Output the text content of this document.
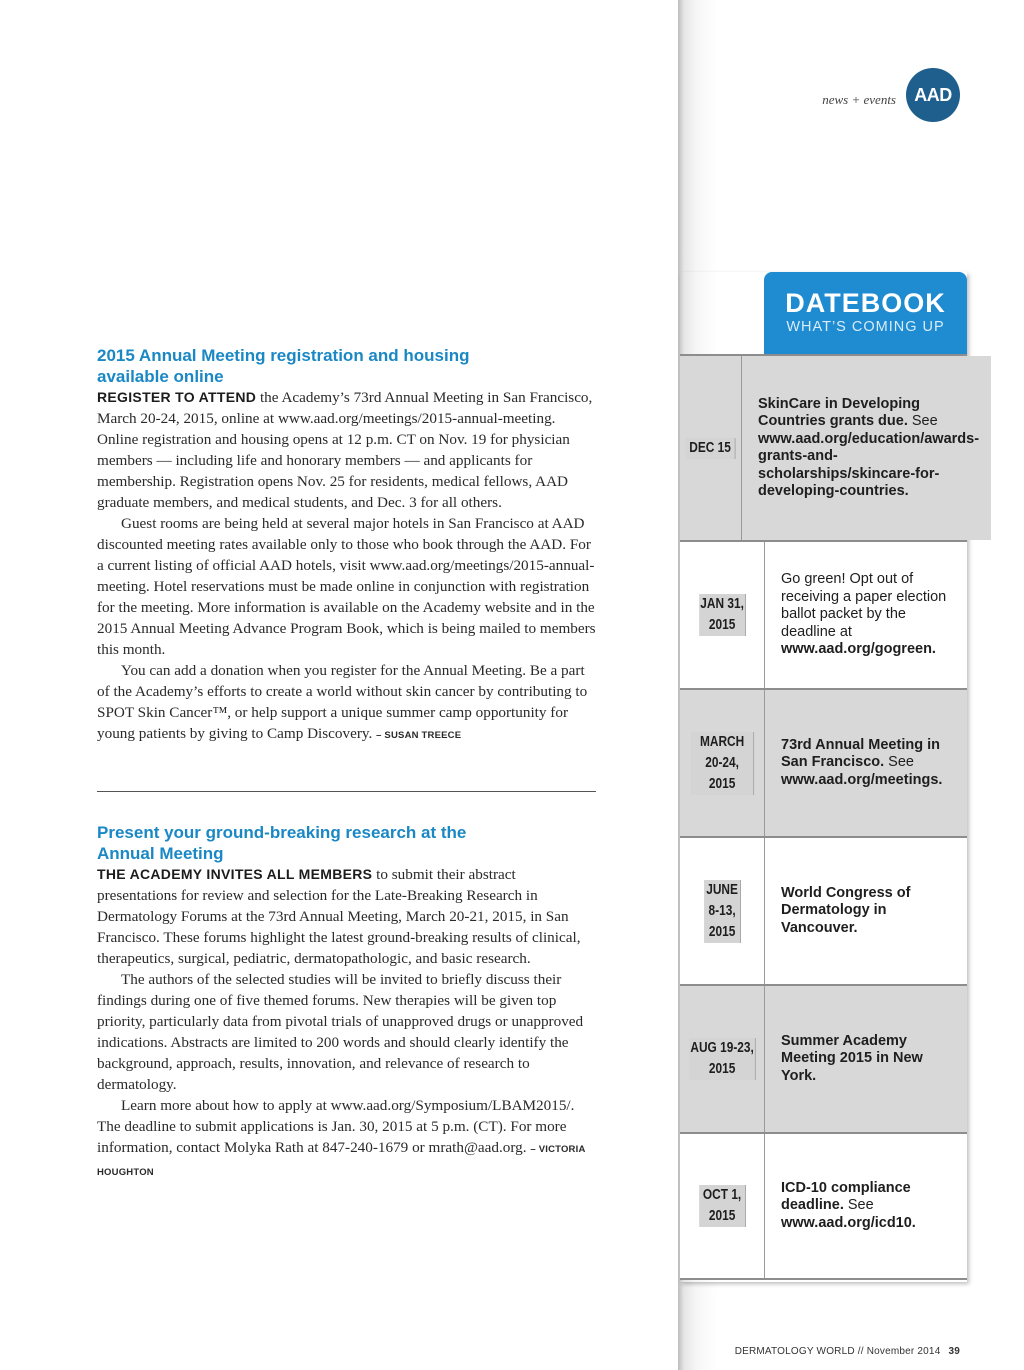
news + events	AAD
2015 Annual Meeting registration and housing available online

REGISTER TO ATTEND the Academy’s 73rd Annual Meeting in San Francisco, March 20-24, 2015, online at www.aad.org/meetings/2015-annual-meeting. Online registration and housing opens at 12 p.m. CT on Nov. 19 for physician members — including life and honorary members — and applicants for membership. Registration opens Nov. 25 for residents, medical fellows, AAD graduate members, and medical students, and Dec. 3 for all others.

Guest rooms are being held at several major hotels in San Francisco at AAD discounted meeting rates available only to those who book through the AAD. For a current listing of official AAD hotels, visit www.aad.org/meetings/2015-annual-meeting. Hotel reservations must be made online in conjunction with registration for the meeting. More information is available on the Academy website and in the 2015 Annual Meeting Advance Program Book, which is being mailed to members this month.

You can add a donation when you register for the Annual Meeting. Be a part of the Academy’s efforts to create a world without skin cancer by contributing to SPOT Skin Cancer™, or help support a unique summer camp opportunity for young patients by giving to Camp Discovery. – SUSAN TREECE

Present your ground-breaking research at the Annual Meeting

THE ACADEMY INVITES ALL MEMBERS to submit their abstract presentations for review and selection for the Late-Breaking Research in Dermatology Forums at the 73rd Annual Meeting, March 20-21, 2015, in San Francisco. These forums highlight the latest ground-breaking results of clinical, therapeutics, surgical, pediatric, dermatopathologic, and basic research.

The authors of the selected studies will be invited to briefly discuss their findings during one of five themed forums. New therapies will be given top priority, particularly data from pivotal trials of unapproved drugs or unapproved indications. Abstracts are limited to 200 words and should clearly identify the background, approach, results, innovation, and relevance of research to dermatology.

Learn more about how to apply at www.aad.org/Symposium/LBAM2015/. The deadline to submit applications is Jan. 30, 2015 at 5 p.m. (CT). For more information, contact Molyka Rath at 847-240-1679 or mrath@aad.org. – VICTORIA HOUGHTON

DATEBOOK
WHAT’S COMING UP
DEC 15
SkinCare in Developing Countries grants due. See www.aad.org/education/awards-grants-and-scholarships/skincare-for-developing-countries.
JAN 31, 2015
Go green! Opt out of receiving a paper election ballot packet by the deadline at www.aad.org/gogreen.
MARCH 20-24, 2015
73rd Annual Meeting in San Francisco. See www.aad.org/meetings.
JUNE 8-13, 2015
World Congress of Dermatology in Vancouver.
AUG 19-23, 2015
Summer Academy Meeting 2015 in New York.
OCT 1, 2015
ICD-10 compliance deadline. See www.aad.org/icd10.
DERMATOLOGY WORLD // November 2014 39
